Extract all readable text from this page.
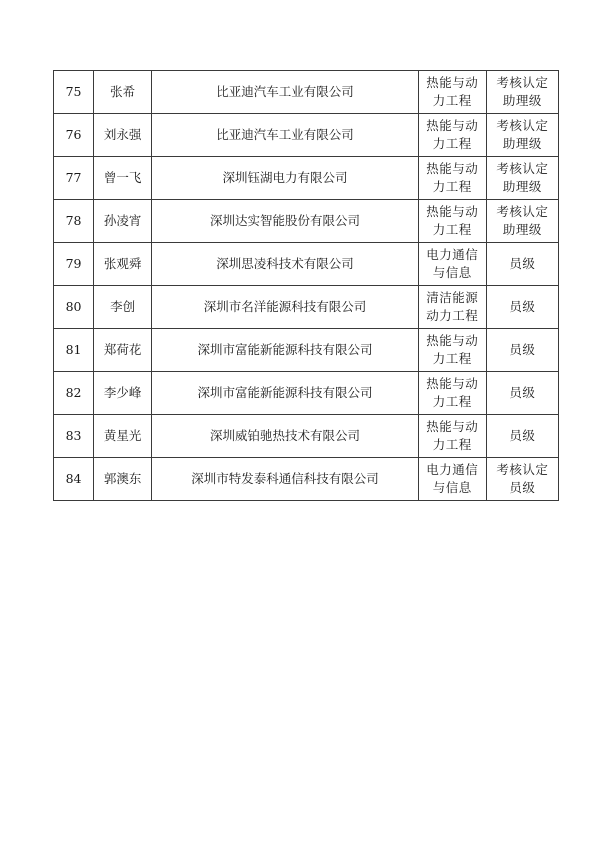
75	张希	比亚迪汽车工业有限公司	热能与动力工程	考核认定助理级
76	刘永强	比亚迪汽车工业有限公司	热能与动力工程	考核认定助理级
77	曾一飞	深圳钰湖电力有限公司	热能与动力工程	考核认定助理级
78	孙凌宵	深圳达实智能股份有限公司	热能与动力工程	考核认定助理级
79	张观舜	深圳思凌科技术有限公司	电力通信与信息	员级
80	李创	深圳市名洋能源科技有限公司	清洁能源动力工程	员级
81	郑荷花	深圳市富能新能源科技有限公司	热能与动力工程	员级
82	李少峰	深圳市富能新能源科技有限公司	热能与动力工程	员级
83	黄星光	深圳威铂驰热技术有限公司	热能与动力工程	员级
84	郭澳东	深圳市特发泰科通信科技有限公司	电力通信与信息	考核认定员级
